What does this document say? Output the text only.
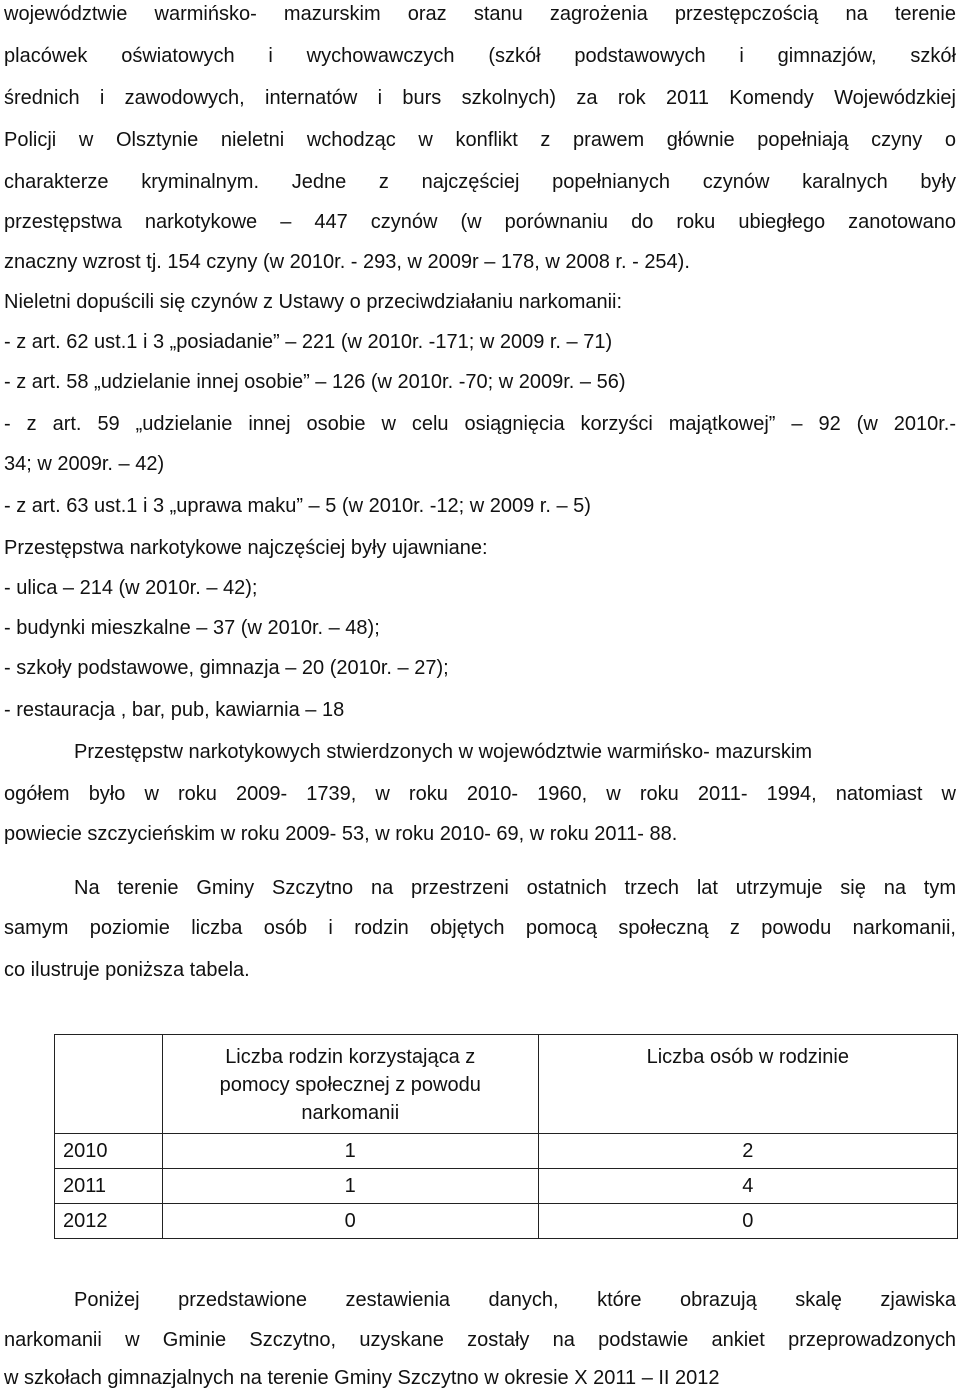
województwie warmińsko- mazurskim oraz stanu zagrożenia przestępczością na terenie
placówek oświatowych i wychowawczych (szkół podstawowych i gimnazjów, szkół
średnich i zawodowych, internatów i burs szkolnych) za rok 2011 Komendy Wojewódzkiej
Policji w Olsztynie nieletni wchodząc w konflikt z prawem głównie popełniają czyny o
charakterze kryminalnym. Jedne z najczęściej popełnianych czynów karalnych były
przestępstwa narkotykowe – 447 czynów (w porównaniu do roku ubiegłego zanotowano
znaczny wzrost tj. 154 czyny (w 2010r. - 293, w 2009r – 178, w 2008 r. - 254).
Nieletni dopuścili się czynów z Ustawy o przeciwdziałaniu narkomanii:
- z art. 62 ust.1 i 3 „posiadanie” – 221 (w 2010r. -171; w 2009 r. – 71)
- z art. 58 „udzielanie innej osobie” – 126 (w 2010r. -70; w 2009r. – 56)
- z art. 59 „udzielanie innej osobie w celu osiągnięcia korzyści majątkowej” – 92 (w 2010r.-
34; w 2009r. – 42)
- z art. 63 ust.1 i 3 „uprawa maku” – 5 (w 2010r. -12; w 2009 r. – 5)
Przestępstwa narkotykowe najczęściej były ujawniane:
- ulica – 214 (w 2010r. – 42);
- budynki mieszkalne – 37 (w 2010r. – 48);
- szkoły podstawowe, gimnazja – 20 (2010r. – 27);
- restauracja , bar, pub, kawiarnia – 18
Przestępstw narkotykowych stwierdzonych w województwie warmińsko- mazurskim
ogółem było w roku 2009- 1739, w roku 2010- 1960, w roku 2011- 1994, natomiast w
powiecie szczycieńskim w roku 2009- 53, w roku 2010- 69, w roku 2011- 88.
Na terenie Gminy Szczytno na przestrzeni ostatnich trzech lat utrzymuje się na tym
samym poziomie liczba osób i rodzin objętych pomocą społeczną z powodu narkomanii,
co ilustruje poniższa tabela.
	Liczba rodzin korzystająca z pomocy społecznej z powodu narkomanii	Liczba osób w rodzinie
2010	1	2
2011	1	4
2012	0	0
Poniżej przedstawione zestawienia danych, które obrazują skalę zjawiska
narkomanii w Gminie Szczytno, uzyskane zostały na podstawie ankiet przeprowadzonych
w szkołach gimnazjalnych na terenie Gminy Szczytno w okresie X 2011 – II 2012
